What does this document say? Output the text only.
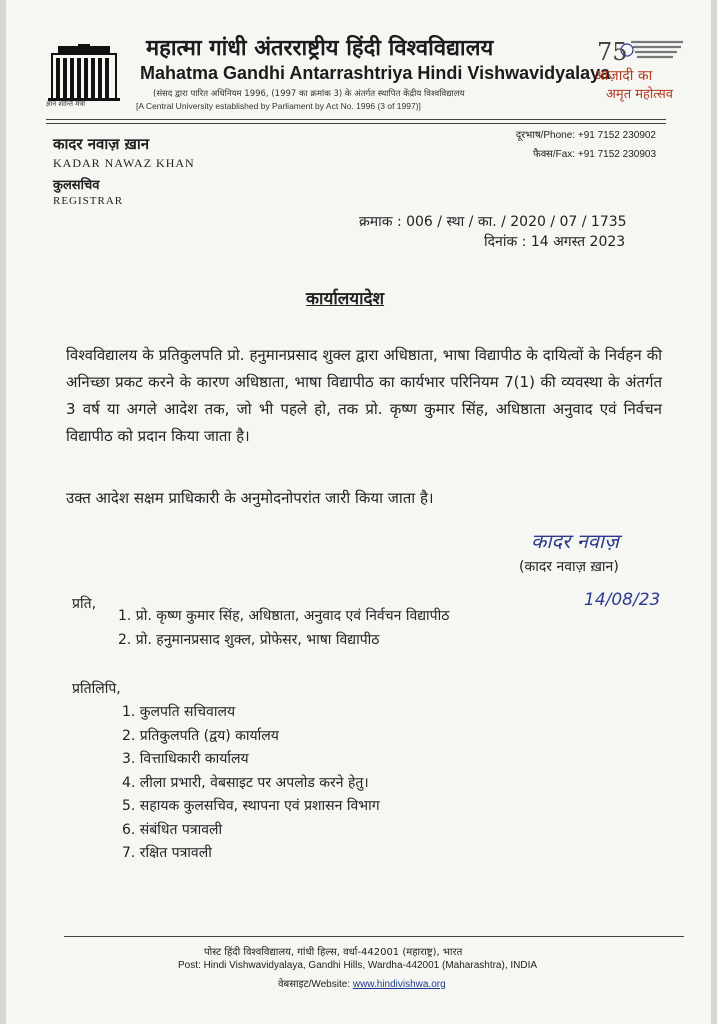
ज्ञान शान्ति मैत्री
महात्मा गांधी अंतरराष्ट्रीय हिंदी विश्वविद्यालय
Mahatma Gandhi Antarrashtriya Hindi Vishwavidyalaya
(संसद द्वारा पारित अधिनियम 1996, (1997 का क्रमांक 3) के अंतर्गत स्थापित केंद्रीय विश्वविद्यालय
[A Central University established by Parliament by Act No. 1996 (3 of 1997)]
75
आज़ादी का
अमृत महोत्सव
कादर नवाज़ ख़ान
KADAR NAWAZ KHAN
कुलसचिव
REGISTRAR
दूरभाष/Phone: +91 7152 230902
फैक्स/Fax: +91 7152 230903
क्रमाक : 006 / स्था / का. / 2020 / 07 / 1735
दिनांक : 14 अगस्त 2023
कार्यालयादेश
विश्वविद्यालय के प्रतिकुलपति प्रो. हनुमानप्रसाद शुक्ल द्वारा अधिष्ठाता, भाषा विद्यापीठ के दायित्वों के निर्वहन की अनिच्छा प्रकट करने के कारण अधिष्ठाता, भाषा विद्यापीठ का कार्यभार परिनियम 7(1) की व्यवस्था के अंतर्गत 3 वर्ष या अगले आदेश तक, जो भी पहले हो, तक प्रो. कृष्ण कुमार सिंह, अधिष्ठाता अनुवाद एवं निर्वचन विद्यापीठ को प्रदान किया जाता है।
उक्त आदेश सक्षम प्राधिकारी के अनुमोदनोपरांत जारी किया जाता है।
कादर नवाज़
(कादर नवाज़ ख़ान)
14/08/23
प्रति,
1. प्रो. कृष्ण कुमार सिंह, अधिष्ठाता, अनुवाद एवं निर्वचन विद्यापीठ
2. प्रो. हनुमानप्रसाद शुक्ल, प्रोफेसर, भाषा विद्यापीठ
प्रतिलिपि,
1. कुलपति सचिवालय
2. प्रतिकुलपति (द्वय) कार्यालय
3. वित्ताधिकारी कार्यालय
4. लीला प्रभारी, वेबसाइट पर अपलोड करने हेतु।
5. सहायक कुलसचिव, स्थापना एवं प्रशासन विभाग
6. संबंधित पत्रावली
7. रक्षित पत्रावली
पोस्ट हिंदी विश्वविद्यालय, गांधी हिल्स, वर्धा-442001 (महाराष्ट्र), भारत
Post: Hindi Vishwavidyalaya, Gandhi Hills, Wardha-442001 (Maharashtra), INDIA
वेबसाइट/Website: www.hindivishwa.org
